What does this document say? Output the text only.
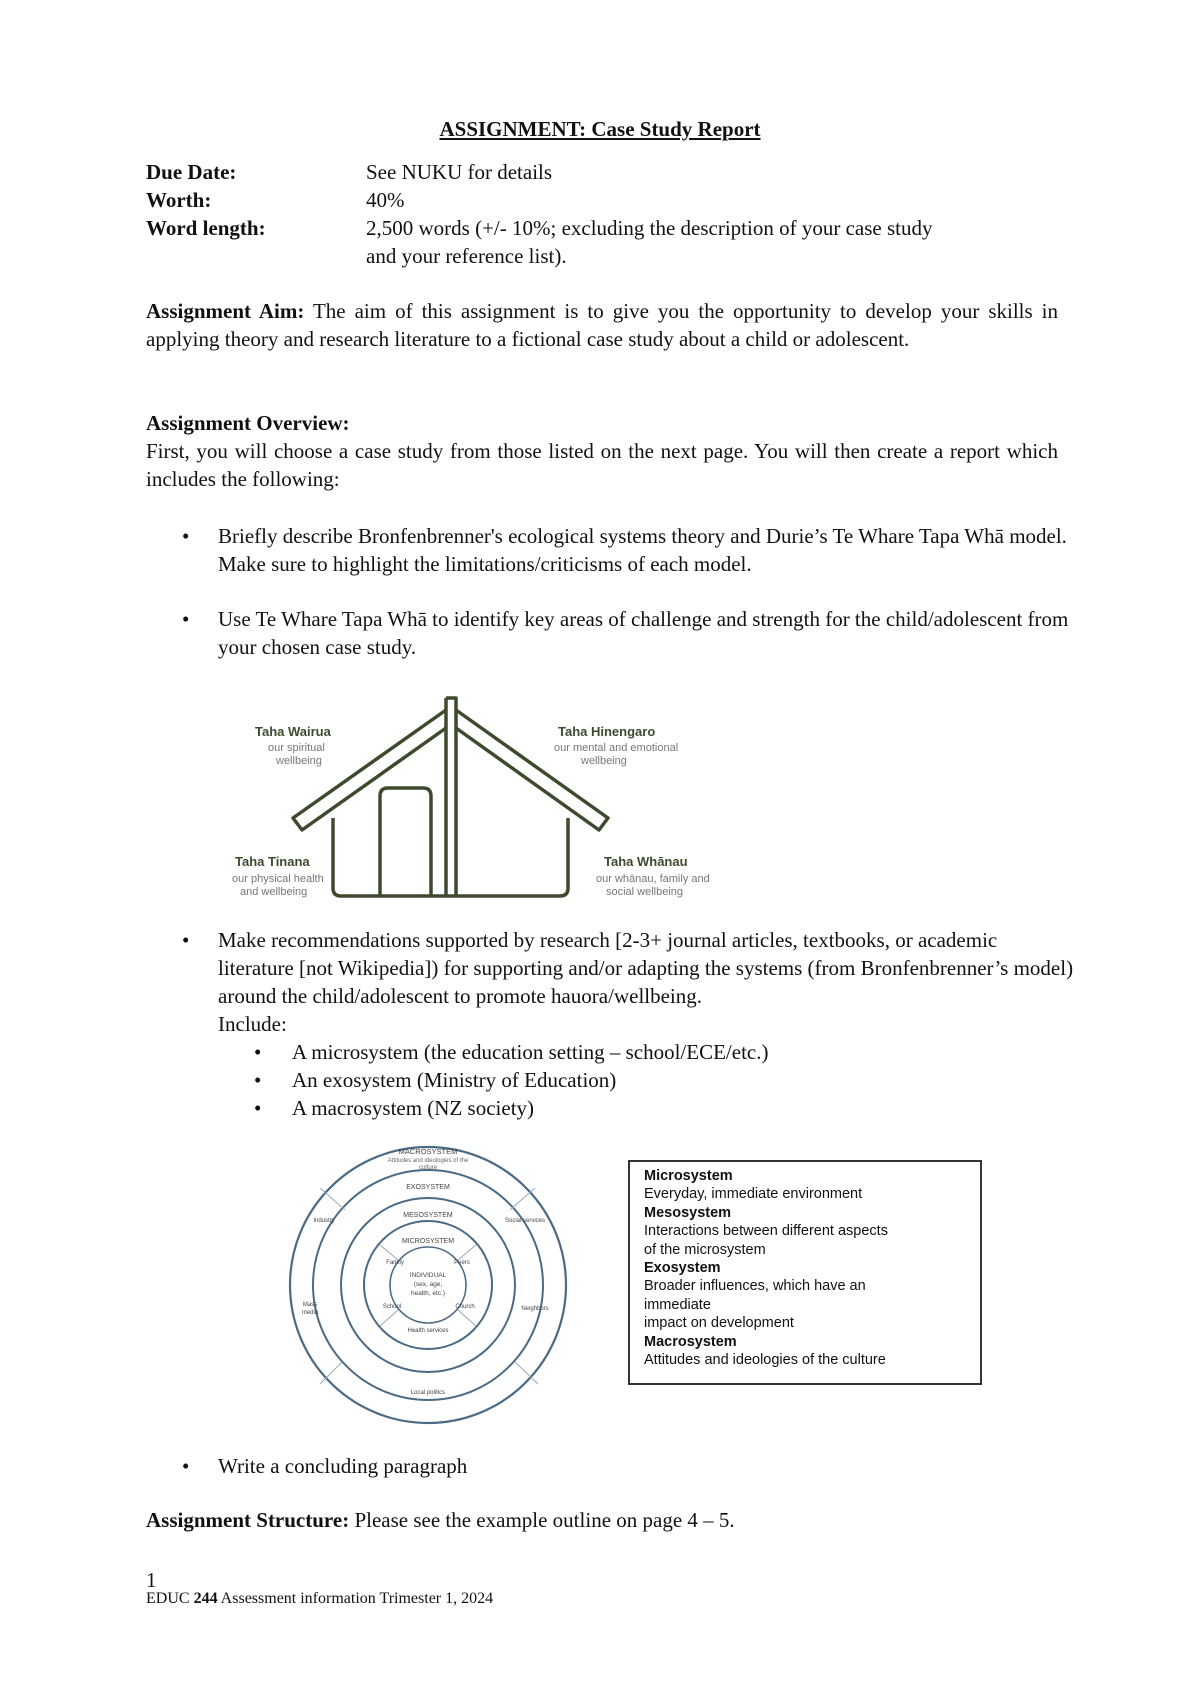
ASSIGNMENT: Case Study Report
Due Date:	See NUKU for details
Worth:	40%
Word length:	2,500 words (+/- 10%; excluding the description of your case study
and your reference list).
Assignment Aim: The aim of this assignment is to give you the opportunity to develop your skills in applying theory and research literature to a fictional case study about a child or adolescent.
Assignment Overview:
First, you will choose a case study from those listed on the next page. You will then create a report which includes the following:
• Briefly describe Bronfenbrenner's ecological systems theory and Durie’s Te Whare Tapa Whā model. Make sure to highlight the limitations/criticisms of each model.
• Use Te Whare Tapa Whā to identify key areas of challenge and strength for the child/adolescent from your chosen case study.
Taha Wairua
our spiritual
wellbeing
Taha Hinengaro
our mental and emotional
wellbeing
Taha Tinana
our physical health
and wellbeing
Taha Whānau
our whānau, family and
social wellbeing
• Make recommendations supported by research [2-3+ journal articles, textbooks, or academic literature [not Wikipedia]) for supporting and/or adapting the systems (from Bronfenbrenner’s model) around the child/adolescent to promote hauora/wellbeing.
Include:
• A microsystem (the education setting – school/ECE/etc.)
• An exosystem (Ministry of Education)
• A macrosystem (NZ society)
MACROSYSTEM
Attitudes and ideologies of the
culture
EXOSYSTEM
MESOSYSTEM
MICROSYSTEM
INDIVIDUAL
(sex, age,
health, etc.)
Family	Peers
School	Church
Health services
Industry	Social services
Mass
media
Neighbors
Local politics
Microsystem
Everyday, immediate environment
Mesosystem
Interactions between different aspects
of the microsystem
Exosystem
Broader influences, which have an
immediate
impact on development
Macrosystem
Attitudes and ideologies of the culture
• Write a concluding paragraph
Assignment Structure: Please see the example outline on page 4 – 5.
1
EDUC 244 Assessment information Trimester 1, 2024
